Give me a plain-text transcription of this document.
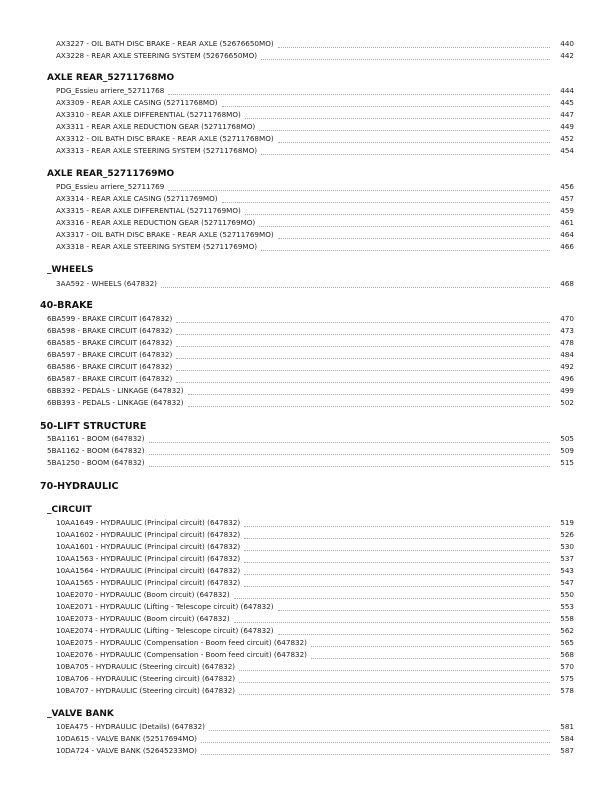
AX3227 - OIL BATH DISC BRAKE - REAR AXLE (52676650MO)	440
AX3228 - REAR AXLE STEERING SYSTEM (52676650MO)	442
AXLE REAR_52711768MO
PDG_Essieu arriere_52711768	444
AX3309 - REAR AXLE CASING (52711768MO)	445
AX3310 - REAR AXLE DIFFERENTIAL (52711768MO)	447
AX3311 - REAR AXLE REDUCTION GEAR (52711768MO)	449
AX3312 - OIL BATH DISC BRAKE - REAR AXLE (52711768MO)	452
AX3313 - REAR AXLE STEERING SYSTEM (52711768MO)	454
AXLE REAR_52711769MO
PDG_Essieu arriere_52711769	456
AX3314 - REAR AXLE CASING (52711769MO)	457
AX3315 - REAR AXLE DIFFERENTIAL (52711769MO)	459
AX3316 - REAR AXLE REDUCTION GEAR (52711769MO)	461
AX3317 - OIL BATH DISC BRAKE - REAR AXLE (52711769MO)	464
AX3318 - REAR AXLE STEERING SYSTEM (52711769MO)	466
_WHEELS
3AA592 - WHEELS (647832)	468
40-BRAKE
6BA599 - BRAKE CIRCUIT (647832)	470
6BA598 - BRAKE CIRCUIT (647832)	473
6BA585 - BRAKE CIRCUIT (647832)	478
6BA597 - BRAKE CIRCUIT (647832)	484
6BA586 - BRAKE CIRCUIT (647832)	492
6BA587 - BRAKE CIRCUIT (647832)	496
6BB392 - PEDALS - LINKAGE (647832)	499
6BB393 - PEDALS - LINKAGE (647832)	502
50-LIFT STRUCTURE
5BA1161 - BOOM (647832)	505
5BA1162 - BOOM (647832)	509
5BA1250 - BOOM (647832)	515
70-HYDRAULIC
_CIRCUIT
10AA1649 - HYDRAULIC (Principal circuit) (647832)	519
10AA1602 - HYDRAULIC (Principal circuit) (647832)	526
10AA1601 - HYDRAULIC (Principal circuit) (647832)	530
10AA1563 - HYDRAULIC (Principal circuit) (647832)	537
10AA1564 - HYDRAULIC (Principal circuit) (647832)	543
10AA1565 - HYDRAULIC (Principal circuit) (647832)	547
10AE2070 - HYDRAULIC (Boom circuit) (647832)	550
10AE2071 - HYDRAULIC (Lifting - Telescope circuit) (647832)	553
10AE2073 - HYDRAULIC (Boom circuit) (647832)	558
10AE2074 - HYDRAULIC (Lifting - Telescope circuit) (647832)	562
10AE2075 - HYDRAULIC (Compensation - Boom feed circuit) (647832)	565
10AE2076 - HYDRAULIC (Compensation - Boom feed circuit) (647832)	568
10BA705 - HYDRAULIC (Steering circuit) (647832)	570
10BA706 - HYDRAULIC (Steering circuit) (647832)	575
10BA707 - HYDRAULIC (Steering circuit) (647832)	578
_VALVE BANK
10EA475 - HYDRAULIC (Details) (647832)	581
10DA615 - VALVE BANK (52517694MO)	584
10DA724 - VALVE BANK (52645233MO)	587
